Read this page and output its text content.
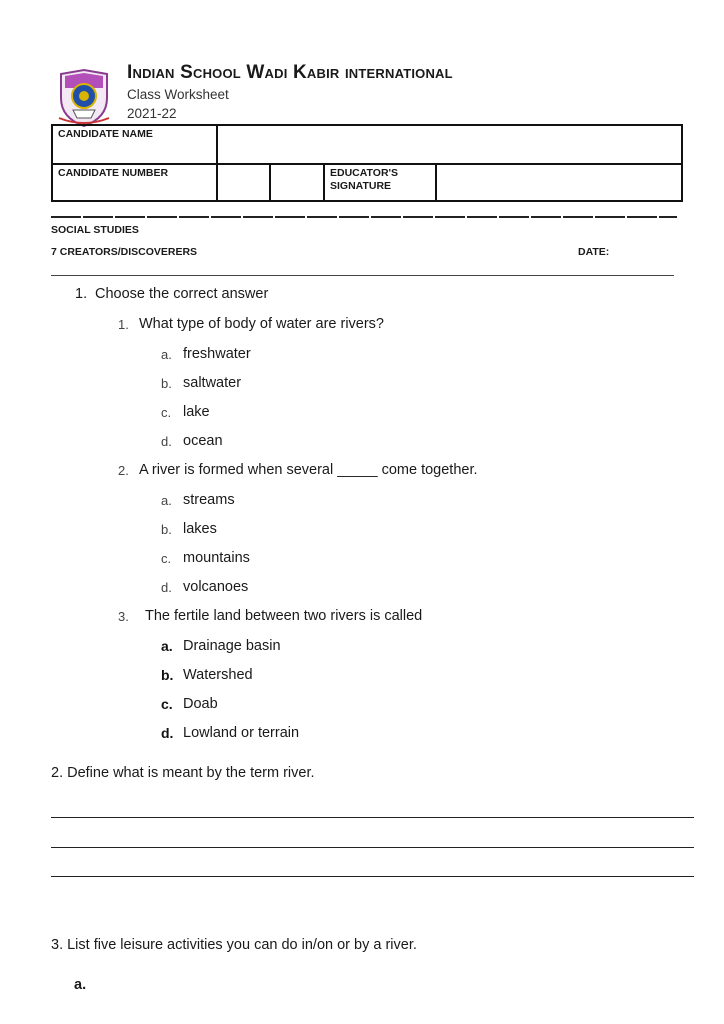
Indian School Wadi Kabir international
Class Worksheet
2021-22
CANDIDATE NAME				
CANDIDATE NUMBER			EDUCATOR'S SIGNATURE	
SOCIAL STUDIES
7 CREATORS/DISCOVERERS	DATE:
1. Choose the correct answer
1. What type of body of water are rivers?
a. freshwater
b. saltwater
c. lake
d. ocean
2. A river is formed when several _____ come together.
a. streams
b. lakes
c. mountains
d. volcanoes
3. The fertile land between two rivers is called
a. Drainage basin
b. Watershed
c. Doab
d. Lowland or terrain
2. Define what is meant by the term river.
3. List five leisure activities you can do in/on or by a river.
a.
